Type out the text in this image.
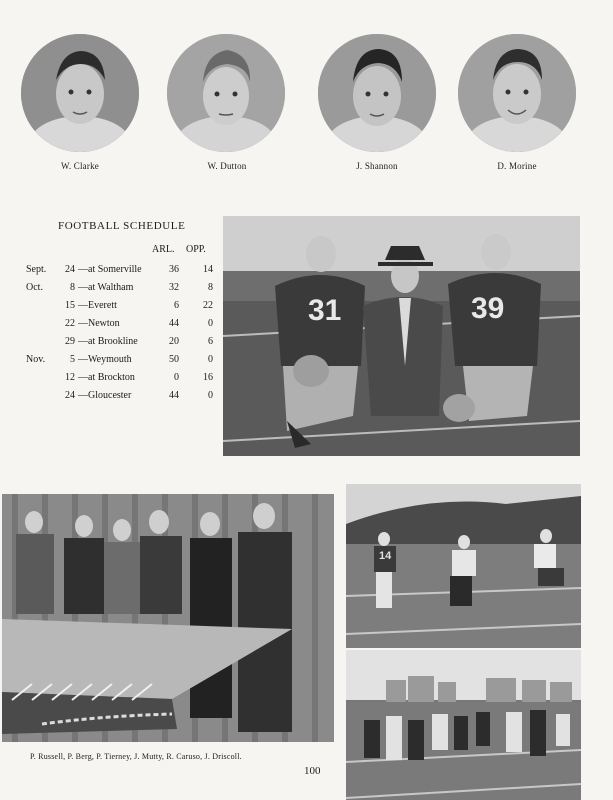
W. Clarke	W. Dutton	J. Shannon	D. Morine
FOOTBALL SCHEDULE
ARL. OPP.
Sept. 24 —at Somerville	36 14
Oct.	8 —at Waltham	32	8
15 —Everett	6 22
22 —Newton	44	0
29 —at Brookline	20	6
Nov. 5 —Weymouth	50	0
12 —at Brockton	0 16
24 —Gloucester	44	0
31	39
14
P. Russell, P. Berg, P. Tierney, J. Mutty, R. Caruso, J. Driscoll.
100
